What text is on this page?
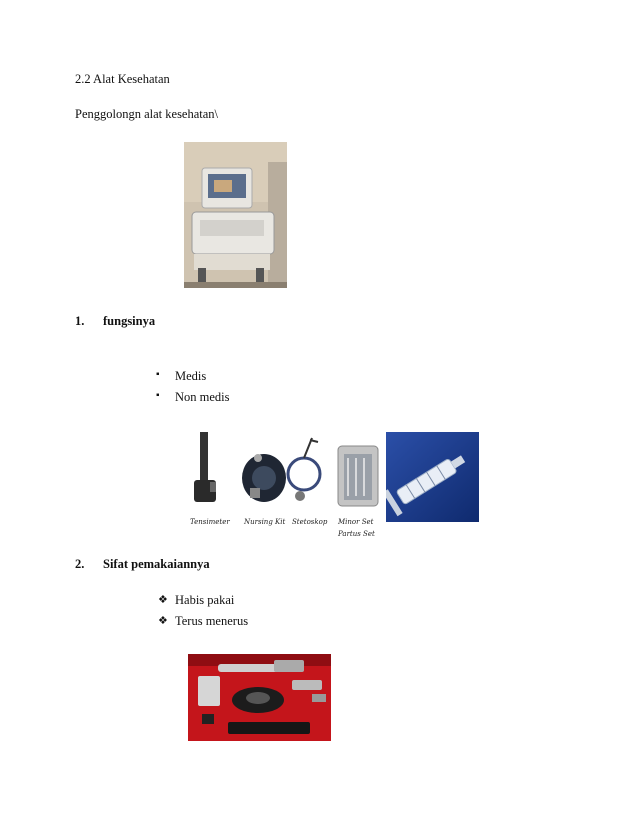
2.2 Alat Kesehatan
Penggolongn alat kesehatan\
1. fungsinya
▪ Medis
▪ Non medis
Tensimeter Nursing Kit Stetoskop Minor Set
Partus Set
2. Sifat pemakaiannya
❖ Habis pakai
❖ Terus menerus
